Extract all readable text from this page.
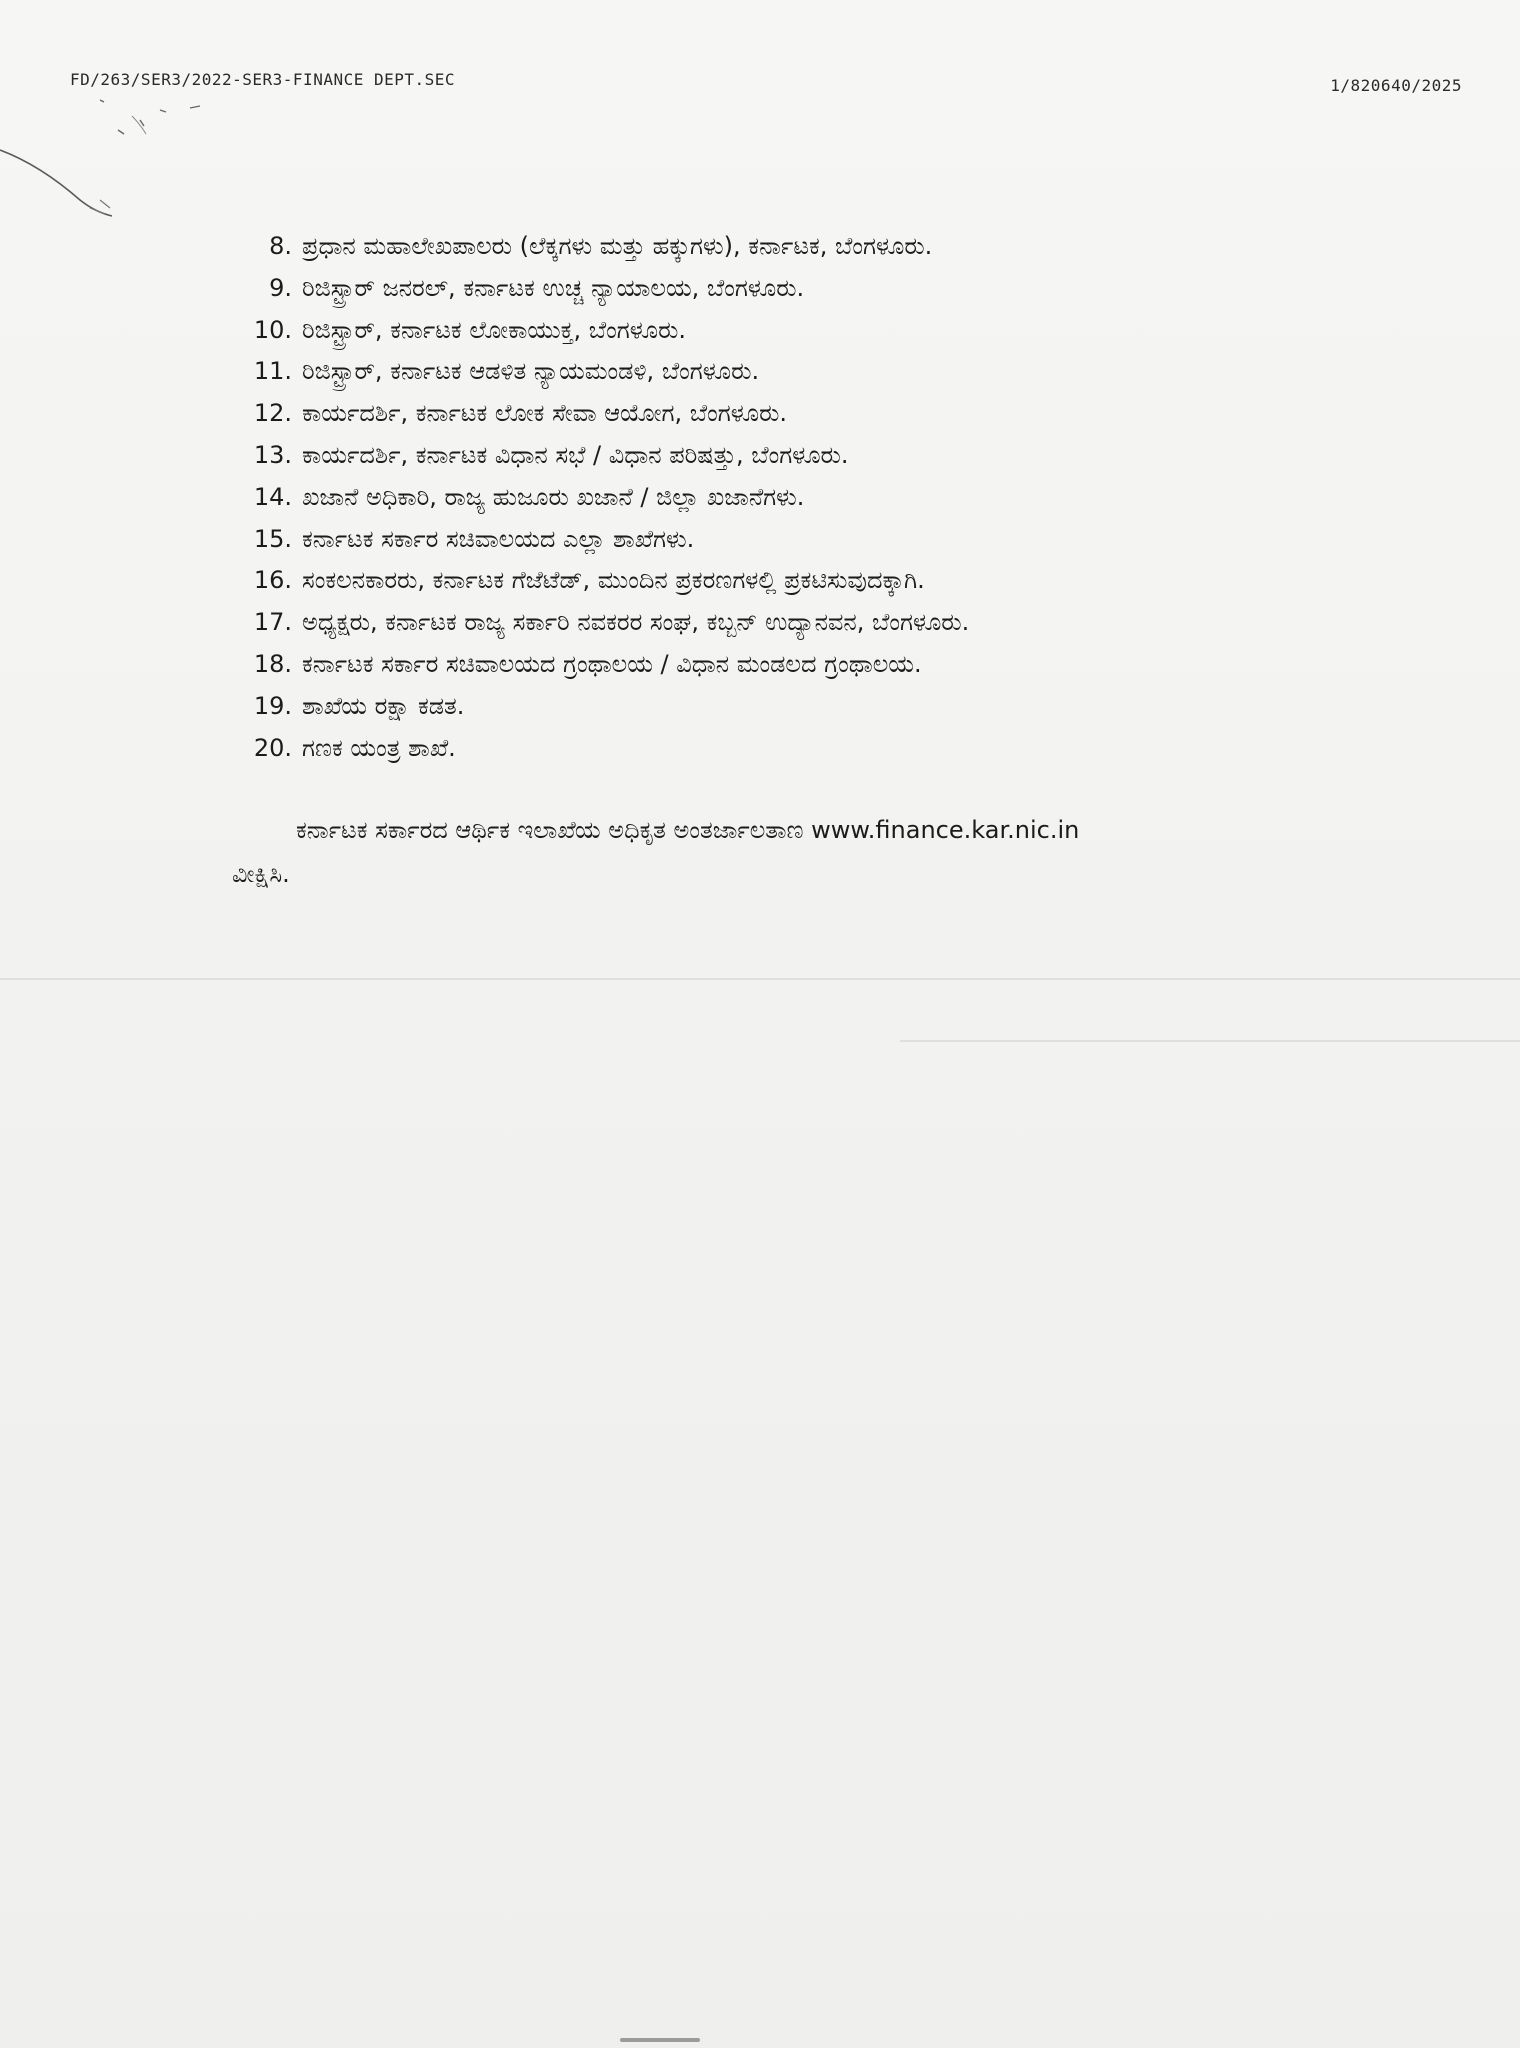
FD/263/SER3/2022-SER3-FINANCE DEPT.SEC	1/820640/2025
8. ಪ್ರಧಾನ ಮಹಾಲೇಖಪಾಲರು (ಲೆಕ್ಕಗಳು ಮತ್ತು ಹಕ್ಕುಗಳು), ಕರ್ನಾಟಕ, ಬೆಂಗಳೂರು.
9. ರಿಜಿಸ್ಟ್ರಾರ್ ಜನರಲ್, ಕರ್ನಾಟಕ ಉಚ್ಚ ನ್ಯಾಯಾಲಯ, ಬೆಂಗಳೂರು.
10. ರಿಜಿಸ್ಟ್ರಾರ್, ಕರ್ನಾಟಕ ಲೋಕಾಯುಕ್ತ, ಬೆಂಗಳೂರು.
11. ರಿಜಿಸ್ಟ್ರಾರ್, ಕರ್ನಾಟಕ ಆಡಳಿತ ನ್ಯಾಯಮಂಡಳಿ, ಬೆಂಗಳೂರು.
12. ಕಾರ್ಯದರ್ಶಿ, ಕರ್ನಾಟಕ ಲೋಕ ಸೇವಾ ಆಯೋಗ, ಬೆಂಗಳೂರು.
13. ಕಾರ್ಯದರ್ಶಿ, ಕರ್ನಾಟಕ ವಿಧಾನ ಸಭೆ / ವಿಧಾನ ಪರಿಷತ್ತು, ಬೆಂಗಳೂರು.
14. ಖಜಾನೆ ಅಧಿಕಾರಿ, ರಾಜ್ಯ ಹುಜೂರು ಖಜಾನೆ / ಜಿಲ್ಲಾ ಖಜಾನೆಗಳು.
15. ಕರ್ನಾಟಕ ಸರ್ಕಾರ ಸಚಿವಾಲಯದ ಎಲ್ಲಾ ಶಾಖೆಗಳು.
16. ಸಂಕಲನಕಾರರು, ಕರ್ನಾಟಕ ಗೆಜೆಟೆಡ್, ಮುಂದಿನ ಪ್ರಕರಣಗಳಲ್ಲಿ ಪ್ರಕಟಿಸುವುದಕ್ಕಾಗಿ.
17. ಅಧ್ಯಕ್ಷರು, ಕರ್ನಾಟಕ ರಾಜ್ಯ ಸರ್ಕಾರಿ ನವಕರರ ಸಂಘ, ಕಬ್ಬನ್ ಉದ್ಯಾನವನ, ಬೆಂಗಳೂರು.
18. ಕರ್ನಾಟಕ ಸರ್ಕಾರ ಸಚಿವಾಲಯದ ಗ್ರಂಥಾಲಯ / ವಿಧಾನ ಮಂಡಲದ ಗ್ರಂಥಾಲಯ.
19. ಶಾಖೆಯ ರಕ್ಷಾ ಕಡತ.
20. ಗಣಕ ಯಂತ್ರ ಶಾಖೆ.
ಕರ್ನಾಟಕ ಸರ್ಕಾರದ ಆರ್ಥಿಕ ಇಲಾಖೆಯ ಅಧಿಕೃತ ಅಂತರ್ಜಾಲತಾಣ www.finance.kar.nic.in
ವೀಕ್ಷಿಸಿ.
